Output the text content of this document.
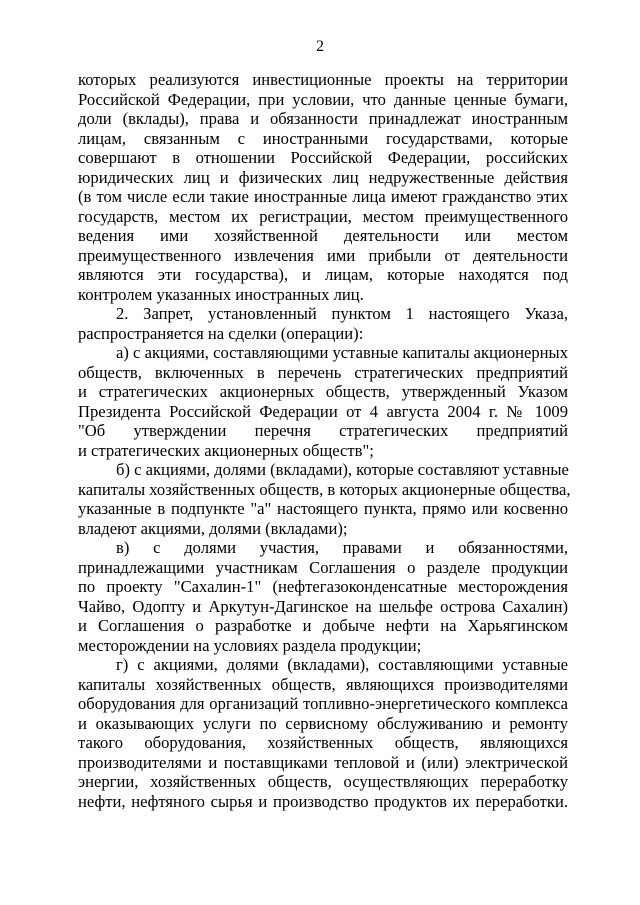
2
которых реализуются инвестиционные проекты на территории
Российской Федерации, при условии, что данные ценные бумаги,
доли (вклады), права и обязанности принадлежат иностранным
лицам, связанным с иностранными государствами, которые
совершают в отношении Российской Федерации, российских
юридических лиц и физических лиц недружественные действия
(в том числе если такие иностранные лица имеют гражданство этих
государств, местом их регистрации, местом преимущественного
ведения ими хозяйственной деятельности или местом
преимущественного извлечения ими прибыли от деятельности
являются эти государства), и лицам, которые находятся под
контролем указанных иностранных лиц.
2. Запрет, установленный пунктом 1 настоящего Указа,
распространяется на сделки (операции):
а) с акциями, составляющими уставные капиталы акционерных
обществ, включенных в перечень стратегических предприятий
и стратегических акционерных обществ, утвержденный Указом
Президента Российской Федерации от 4 августа 2004 г. № 1009
"Об утверждении перечня стратегических предприятий
и стратегических акционерных обществ";
б) с акциями, долями (вкладами), которые составляют уставные
капиталы хозяйственных обществ, в которых акционерные общества,
указанные в подпункте "а" настоящего пункта, прямо или косвенно
владеют акциями, долями (вкладами);
в) с долями участия, правами и обязанностями,
принадлежащими участникам Соглашения о разделе продукции
по проекту "Сахалин-1" (нефтегазоконденсатные месторождения
Чайво, Одопту и Аркутун-Дагинское на шельфе острова Сахалин)
и Соглашения о разработке и добыче нефти на Харьягинском
месторождении на условиях раздела продукции;
г) с акциями, долями (вкладами), составляющими уставные
капиталы хозяйственных обществ, являющихся производителями
оборудования для организаций топливно-энергетического комплекса
и оказывающих услуги по сервисному обслуживанию и ремонту
такого оборудования, хозяйственных обществ, являющихся
производителями и поставщиками тепловой и (или) электрической
энергии, хозяйственных обществ, осуществляющих переработку
нефти, нефтяного сырья и производство продуктов их переработки.
